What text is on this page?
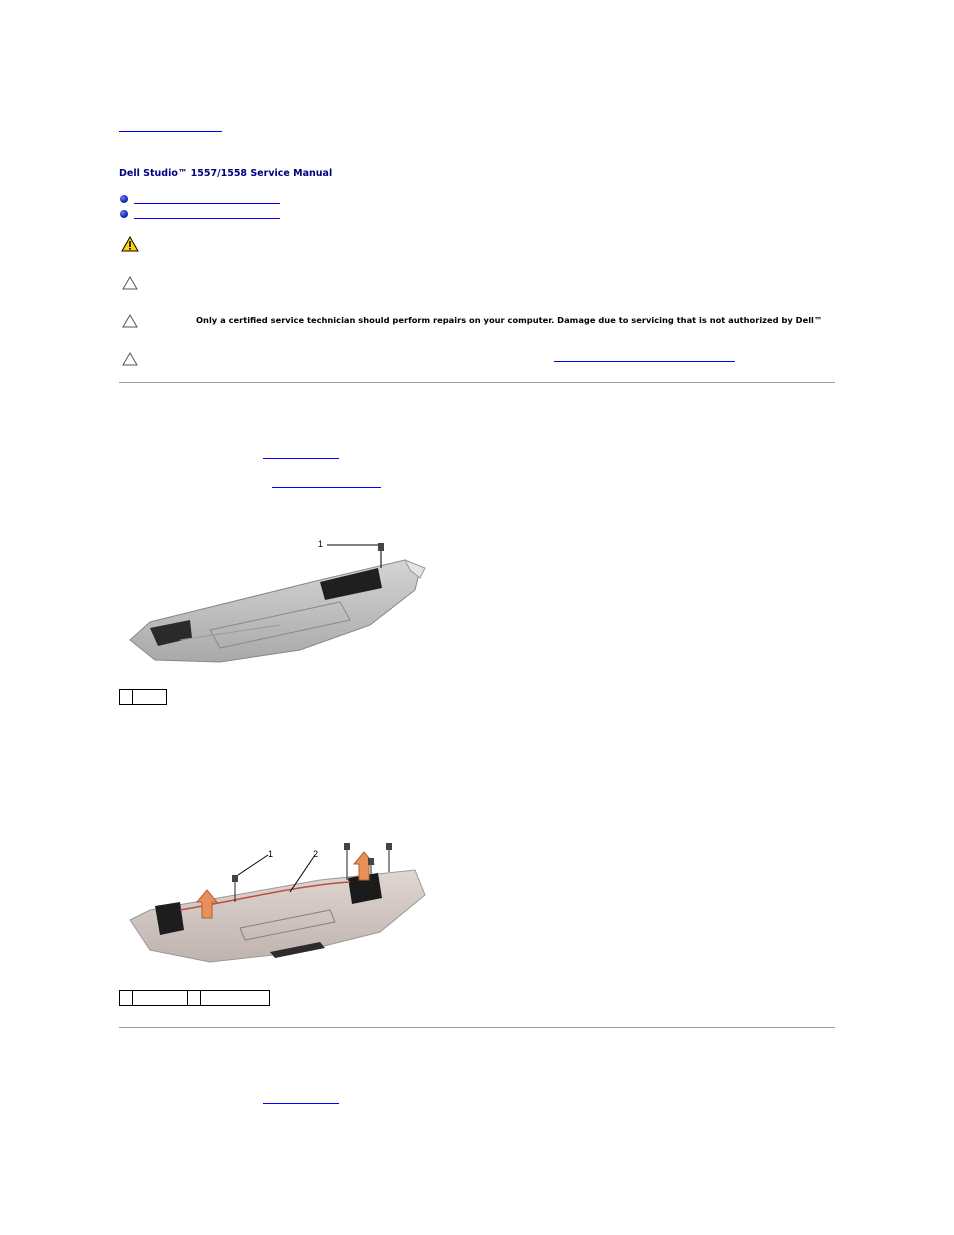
Dell Studio™ 1557/1558 Service Manual
Only a certified service technician should perform repairs on your computer. Damage due to servicing that is not authorized by Dell™
1

1	2
